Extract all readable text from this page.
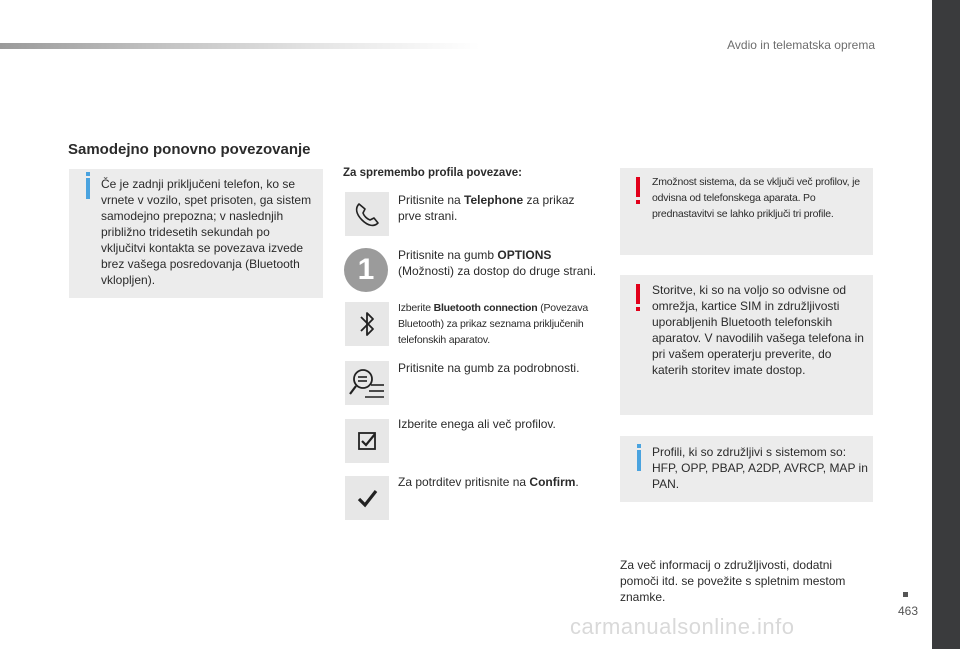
Avdio in telematska oprema
Samodejno ponovno povezovanje
Če je zadnji priključeni telefon, ko se vrnete v vozilo, spet prisoten, ga sistem samodejno prepozna; v naslednjih približno tridesetih sekundah po vključitvi kontakta se povezava izvede brez vašega posredovanja (Bluetooth vklopljen).
Za spremembo profila povezave:
Pritisnite na Telephone za prikaz prve strani.
1	Pritisnite na gumb OPTIONS (Možnosti) za dostop do druge strani.
Izberite Bluetooth connection (Povezava Bluetooth) za prikaz seznama priključenih telefonskih aparatov.
Pritisnite na gumb za podrobnosti.
Izberite enega ali več profilov.
Za potrditev pritisnite na Confirm.
Zmožnost sistema, da se vključi več profilov, je odvisna od telefonskega aparata. Po prednastavitvi se lahko priključi tri profile.
Storitve, ki so na voljo so odvisne od omrežja, kartice SIM in združljivosti uporabljenih Bluetooth telefonskih aparatov. V navodilih vašega telefona in pri vašem operaterju preverite, do katerih storitev imate dostop.
Profili, ki so združljivi s sistemom so: HFP, OPP, PBAP, A2DP, AVRCP, MAP in PAN.
Za več informacij o združljivosti, dodatni pomoči itd. se povežite s spletnim mestom znamke.
463
carmanualsonline.info
